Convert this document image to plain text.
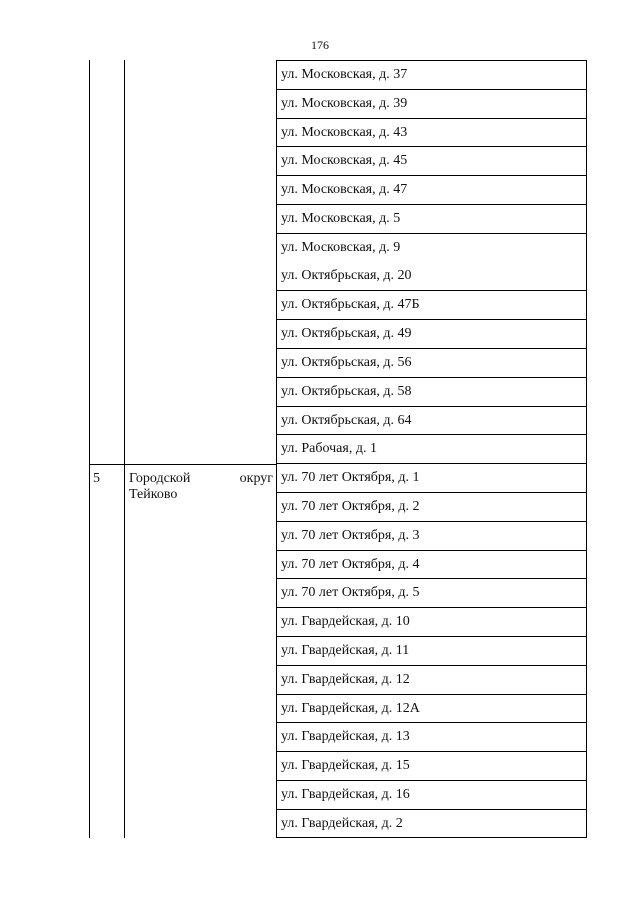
176
5 Городской	округ
Тейково
ул. Московская, д. 37
ул. Московская, д. 39
ул. Московская, д. 43
ул. Московская, д. 45
ул. Московская, д. 47
ул. Московская, д. 5
ул. Московская, д. 9
ул. Октябрьская, д. 20
ул. Октябрьская, д. 47Б
ул. Октябрьская, д. 49
ул. Октябрьская, д. 56
ул. Октябрьская, д. 58
ул. Октябрьская, д. 64
ул. Рабочая, д. 1
ул. 70 лет Октября, д. 1
ул. 70 лет Октября, д. 2
ул. 70 лет Октября, д. 3
ул. 70 лет Октября, д. 4
ул. 70 лет Октября, д. 5
ул. Гвардейская, д. 10
ул. Гвардейская, д. 11
ул. Гвардейская, д. 12
ул. Гвардейская, д. 12А
ул. Гвардейская, д. 13
ул. Гвардейская, д. 15
ул. Гвардейская, д. 16
ул. Гвардейская, д. 2
